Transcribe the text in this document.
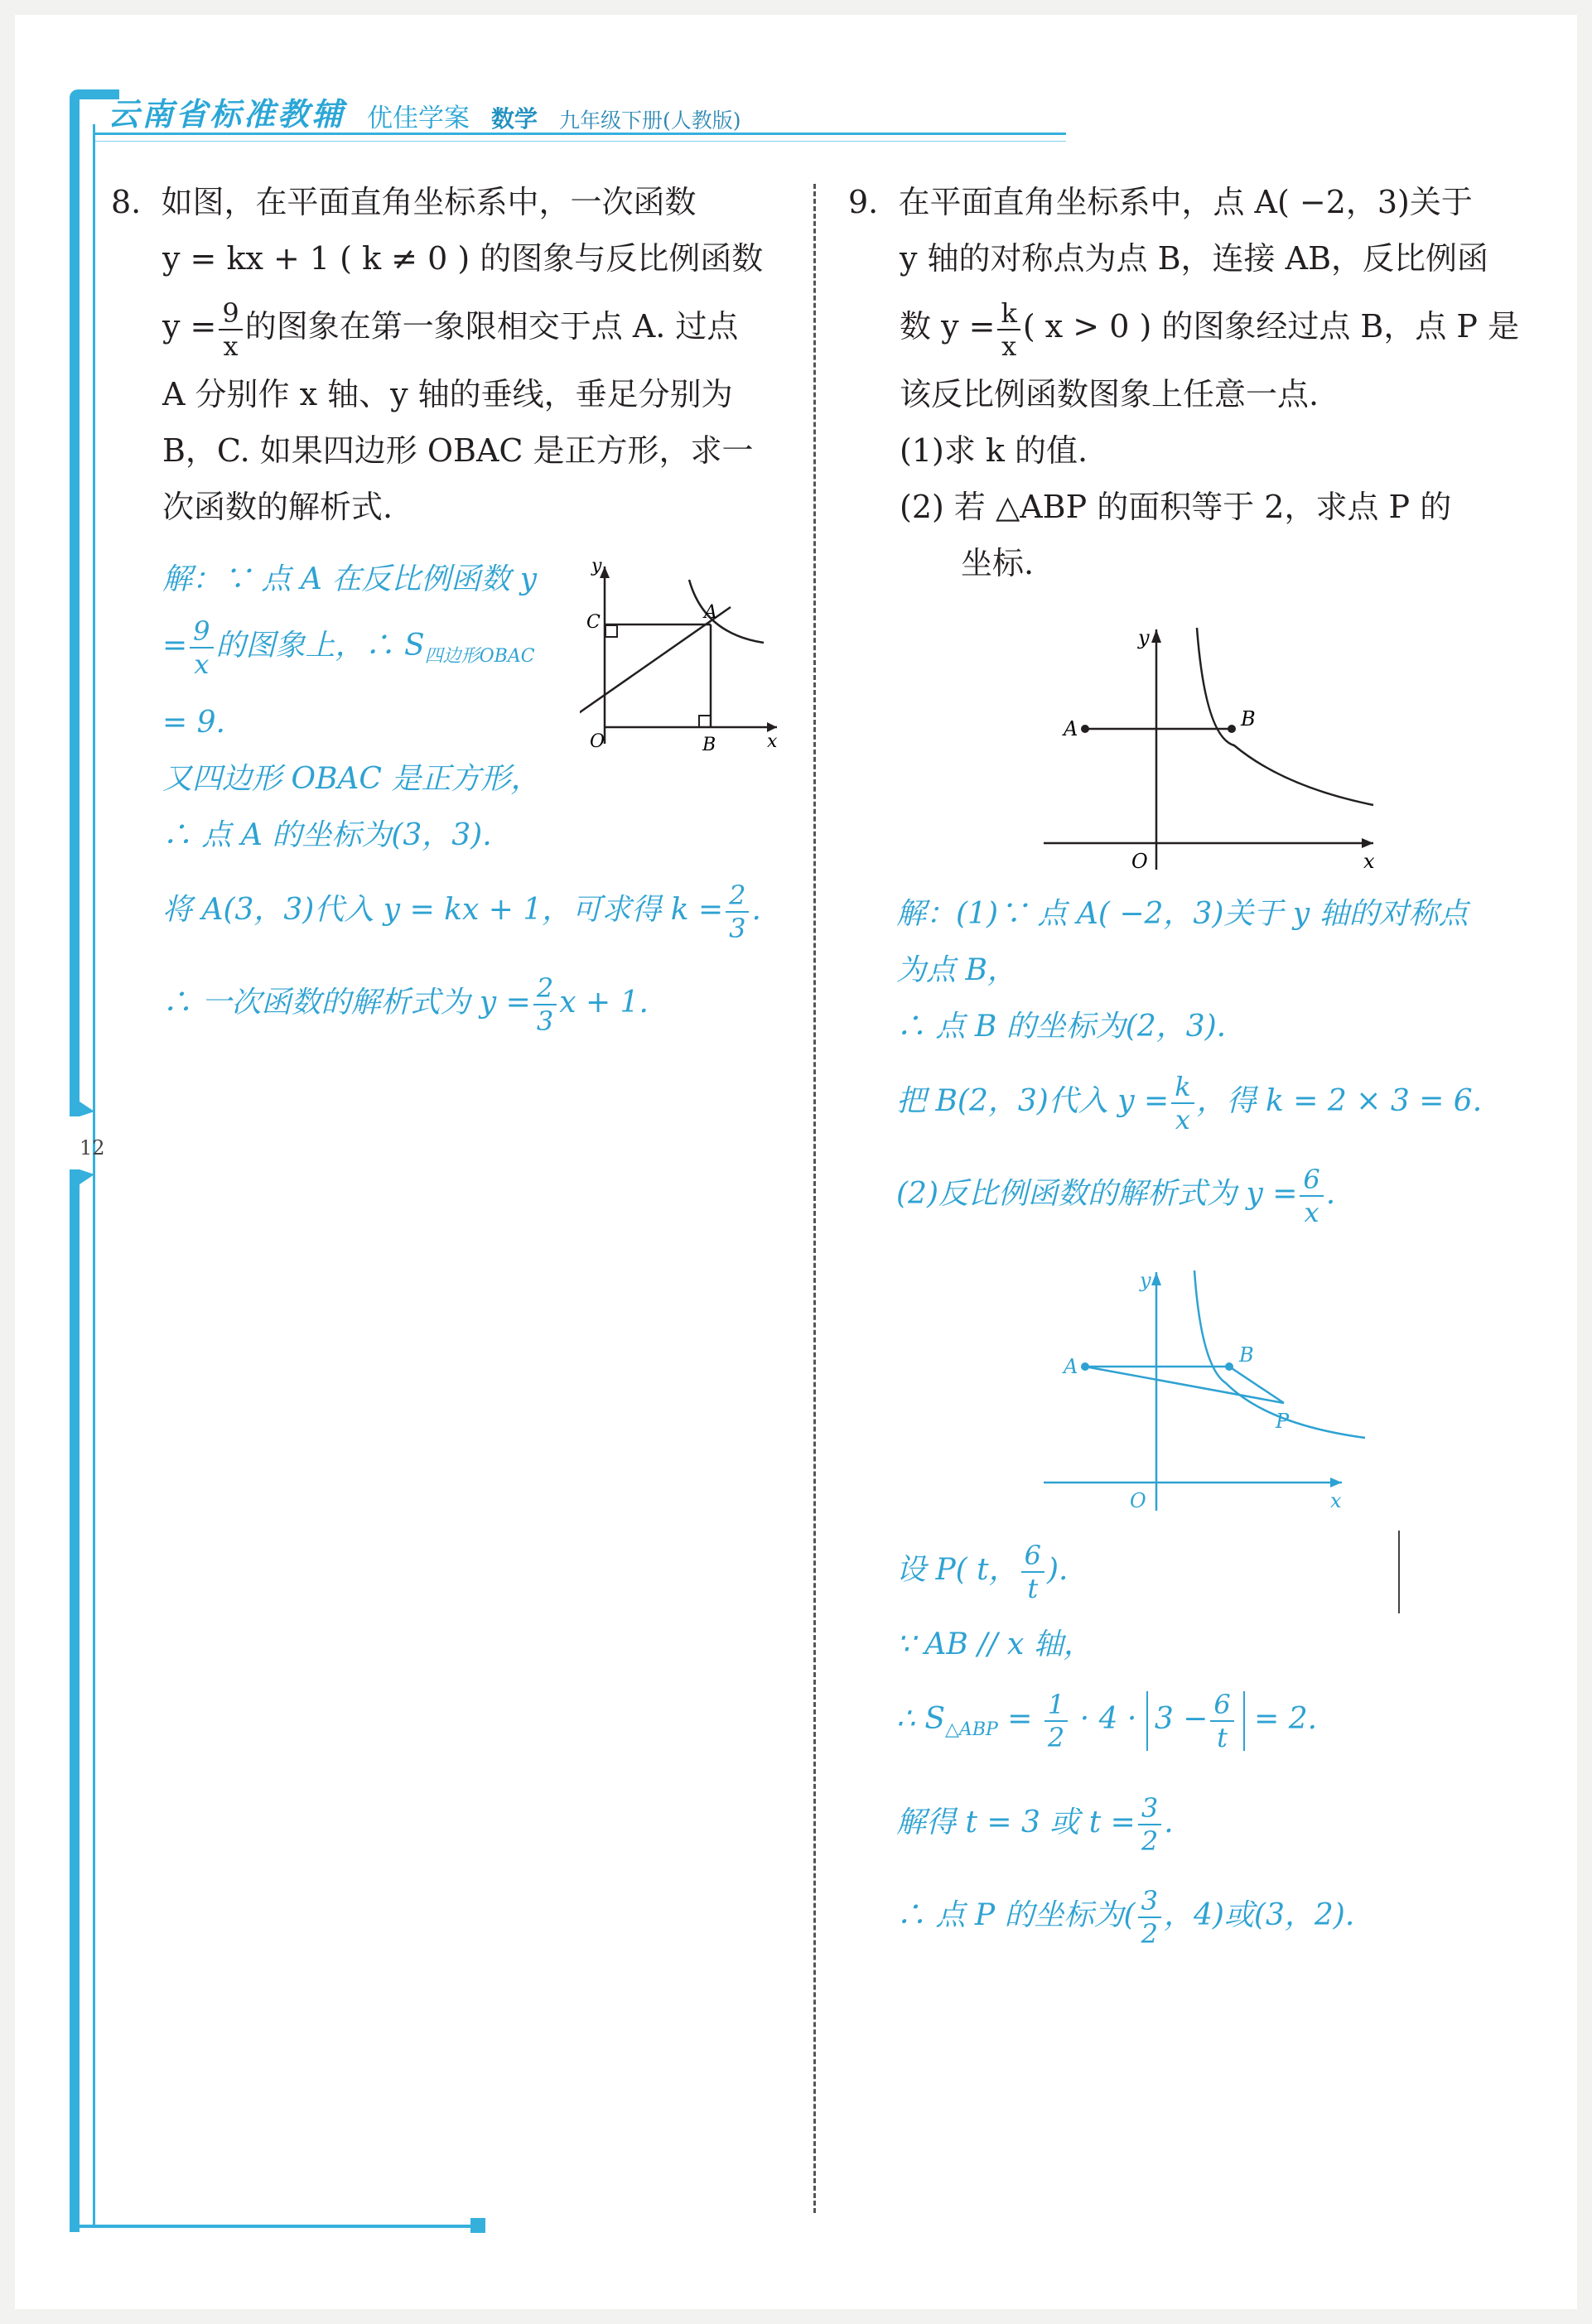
云南省标准教辅 优佳学案 数学 九年级下册(人教版)
12
8. 如图，在平面直角坐标系中，一次函数
y = kx + 1 ( k ≠ 0 ) 的图象与反比例函数
$y = \frac{9}{x}$ 的图象在第一象限相交于点 A. 过点
A 分别作 x 轴、y 轴的垂线，垂足分别为
B，C. 如果四边形 OBAC 是正方形，求一
次函数的解析式.
y
x
O
A
B
C
解：∵ 点 A 在反比例函数 y
= $\frac{9}{x}$ 的图象上，∴ $S_{四边形OBAC}$
= 9.
又四边形 OBAC 是正方形，
∴ 点 A 的坐标为(3，3).
将 A(3，3)代入 y = kx + 1，可求得 $k = \frac{2}{3}$ .
∴ 一次函数的解析式为 $y = \frac{2}{3}$ x + 1.
9. 在平面直角坐标系中，点 A( −2，3)关于
y 轴的对称点为点 B，连接 AB，反比例函
数 $y = \frac{k}{x}$ ( x > 0 ) 的图象经过点 B，点 P 是
该反比例函数图象上任意一点.
(1)求 k 的值.
(2) 若 △ABP 的面积等于 2，求点 P 的
坐标.
y
x
O
A	B
解：(1)∵ 点 A( −2，3)关于 y 轴的对称点
为点 B，
∴ 点 B 的坐标为(2，3).
把 B(2，3)代入 $y = \frac{k}{x}$ ，得 k = 2 × 3 = 6.
(2)反比例函数的解析式为 $y = \frac{6}{x}$ .
y
x
O
A	B
P
设 P( t， $\frac{6}{t}$ ).
∵ AB // x 轴，
∴ $S_{\triangle ABP} = \frac{1}{2} \cdot 4 \cdot 3 - \frac{6}{t} = 2$.
解得 t = 3 或 $t = \frac{3}{2}$ .
∴ 点 P 的坐标为( $\frac{3}{2}$ ，4)或(3，2).
